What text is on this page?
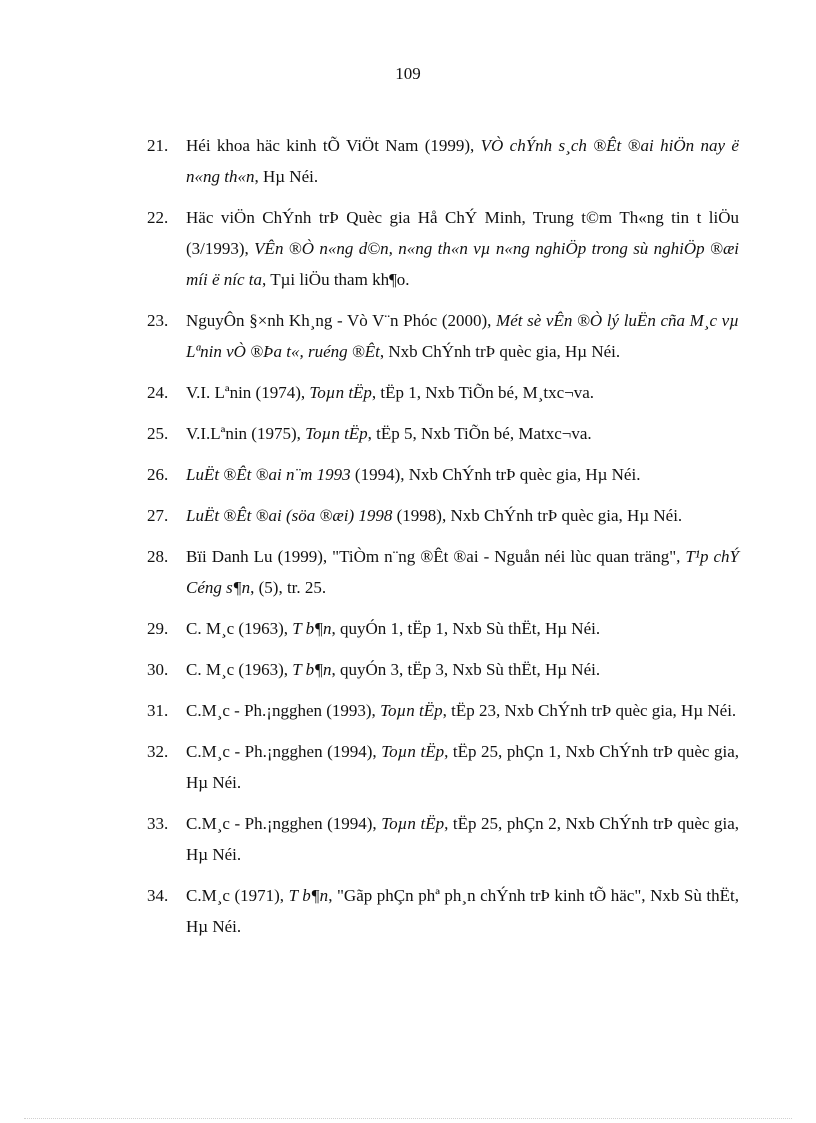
109
21. Héi khoa häc kinh tÕ ViÖt Nam (1999), VÒ chÝnh s¸ch ®Êt ®ai hiÖn nay ë n«ng th«n, Hµ Néi.
22. Häc viÖn ChÝnh trÞ Quèc gia Hå ChÝ Minh, Trung t©m Th«ng tin t liÖu (3/1993), VÊn ®Ò n«ng d©n, n«ng th«n vµ n«ng nghiÖp trong sù nghiÖp ®æi míi ë níc ta, Tµi liÖu tham kh¶o.
23. NguyÔn §×nh Kh¸ng - Vò V¨n Phóc (2000), Mét sè vÊn ®Ò lý luËn cña M¸c vµ Lªnin vÒ ®Þa t«, ruéng ®Êt, Nxb ChÝnh trÞ quèc gia, Hµ Néi.
24. V.I. Lªnin (1974), Toµn tËp, tËp 1, Nxb TiÕn bé, M¸txc¬va.
25. V.I.Lªnin (1975), Toµn tËp, tËp 5, Nxb TiÕn bé, Matxc¬va.
26. LuËt ®Êt ®ai n¨m 1993 (1994), Nxb ChÝnh trÞ quèc gia, Hµ Néi.
27. LuËt ®Êt ®ai (söa ®æi) 1998 (1998), Nxb ChÝnh trÞ quèc gia, Hµ Néi.
28. Bïi Danh Lu (1999), "TiÒm n¨ng ®Êt ®ai - Nguån néi lùc quan träng", T¹p chÝ Céng s¶n, (5), tr. 25.
29. C. M¸c (1963), T b¶n, quyÓn 1, tËp 1, Nxb Sù thËt, Hµ Néi.
30. C. M¸c (1963), T b¶n, quyÓn 3, tËp 3, Nxb Sù thËt, Hµ Néi.
31. C.M¸c - Ph.¡ngghen (1993), Toµn tËp, tËp 23, Nxb ChÝnh trÞ quèc gia, Hµ Néi.
32. C.M¸c - Ph.¡ngghen (1994), Toµn tËp, tËp 25, phÇn 1, Nxb ChÝnh trÞ quèc gia, Hµ Néi.
33. C.M¸c - Ph.¡ngghen (1994), Toµn tËp, tËp 25, phÇn 2, Nxb ChÝnh trÞ quèc gia, Hµ Néi.
34. C.M¸c (1971), T b¶n, "Gãp phÇn phª ph¸n chÝnh trÞ kinh tÕ häc", Nxb Sù thËt, Hµ Néi.
